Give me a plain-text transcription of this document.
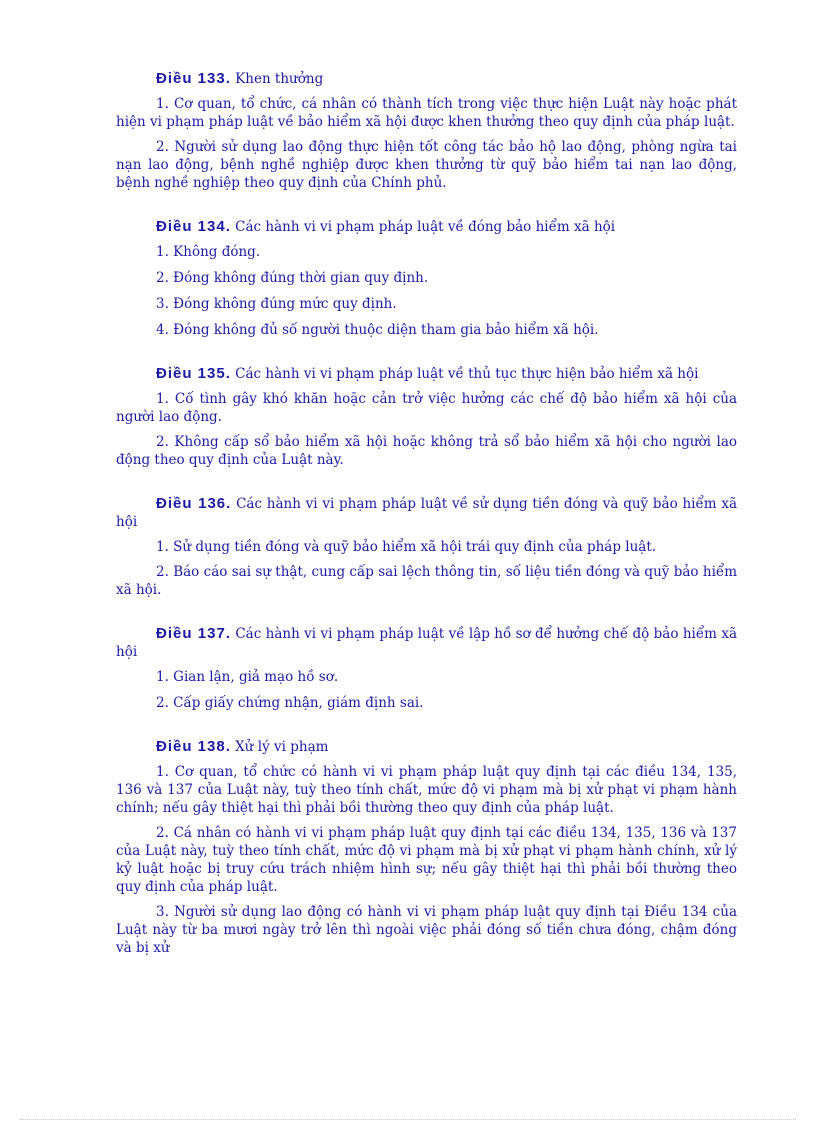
Điều 133. Khen thưởng

1. Cơ quan, tổ chức, cá nhân có thành tích trong việc thực hiện Luật này hoặc phát hiện vi phạm pháp luật về bảo hiểm xã hội được khen thưởng theo quy định của pháp luật.

2. Người sử dụng lao động thực hiện tốt công tác bảo hộ lao động, phòng ngừa tai nạn lao động, bệnh nghề nghiệp được khen thưởng từ quỹ bảo hiểm tai nạn lao động, bệnh nghề nghiệp theo quy định của Chính phủ.

Điều 134. Các hành vi vi phạm pháp luật về đóng bảo hiểm xã hội

1. Không đóng.

2. Đóng không đúng thời gian quy định.

3. Đóng không đúng mức quy định.

4. Đóng không đủ số người thuộc diện tham gia bảo hiểm xã hội.

Điều 135. Các hành vi vi phạm pháp luật về thủ tục thực hiện bảo hiểm xã hội

1. Cố tình gây khó khăn hoặc cản trở việc hưởng các chế độ bảo hiểm xã hội của người lao động.

2. Không cấp sổ bảo hiểm xã hội hoặc không trả sổ bảo hiểm xã hội cho người lao động theo quy định của Luật này.

Điều 136. Các hành vi vi phạm pháp luật về sử dụng tiền đóng và quỹ bảo hiểm xã hội

1. Sử dụng tiền đóng và quỹ bảo hiểm xã hội trái quy định của pháp luật.

2. Báo cáo sai sự thật, cung cấp sai lệch thông tin, số liệu tiền đóng và quỹ bảo hiểm xã hội.

Điều 137. Các hành vi vi phạm pháp luật về lập hồ sơ để hưởng chế độ bảo hiểm xã hội

1. Gian lận, giả mạo hồ sơ.

2. Cấp giấy chứng nhận, giám định sai.

Điều 138. Xử lý vi phạm

1. Cơ quan, tổ chức có hành vi vi phạm pháp luật quy định tại các điều 134, 135, 136 và 137 của Luật này, tuỳ theo tính chất, mức độ vi phạm mà bị xử phạt vi phạm hành chính; nếu gây thiệt hại thì phải bồi thường theo quy định của pháp luật.

2. Cá nhân có hành vi vi phạm pháp luật quy định tại các điều 134, 135, 136 và 137 của Luật này, tuỳ theo tính chất, mức độ vi phạm mà bị xử phạt vi phạm hành chính, xử lý kỷ luật hoặc bị truy cứu trách nhiệm hình sự; nếu gây thiệt hại thì phải bồi thường theo quy định của pháp luật.

3. Người sử dụng lao động có hành vi vi phạm pháp luật quy định tại Điều 134 của Luật này từ ba mươi ngày trở lên thì ngoài việc phải đóng số tiền chưa đóng, chậm đóng và bị xử
